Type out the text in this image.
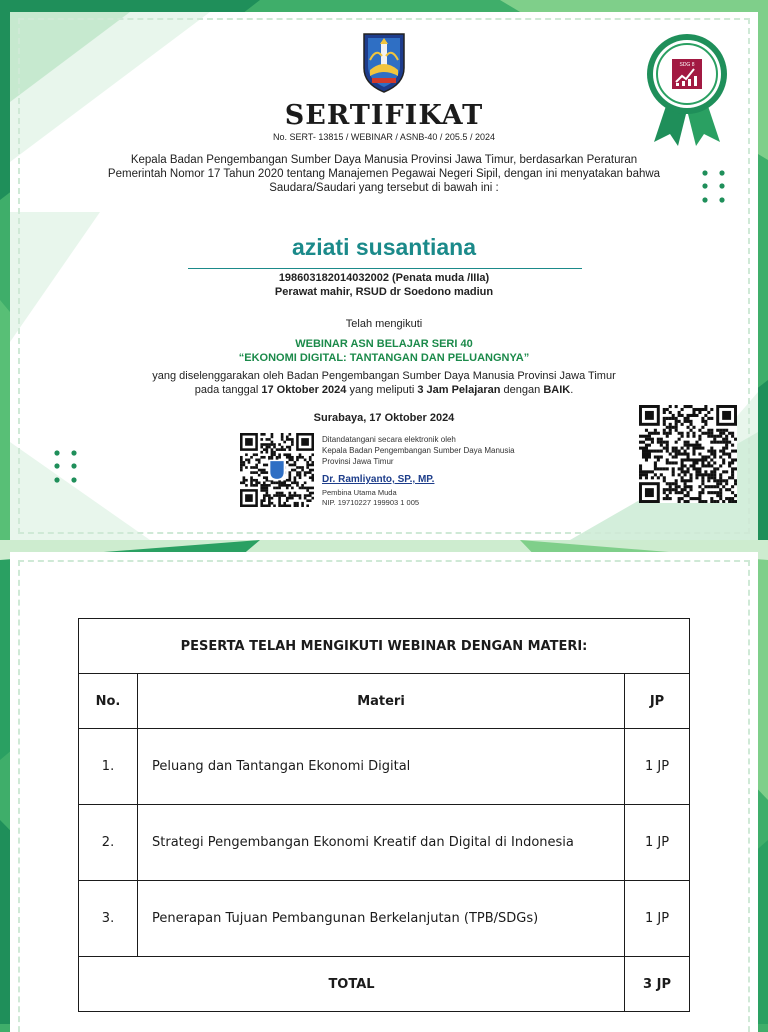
SERTIFIKAT
No. SERT- 13815 / WEBINAR / ASNB-40 / 205.5 / 2024
Kepala Badan Pengembangan Sumber Daya Manusia Provinsi Jawa Timur, berdasarkan Peraturan Pemerintah Nomor 17 Tahun 2020 tentang Manajemen Pegawai Negeri Sipil, dengan ini menyatakan bahwa Saudara/Saudari yang tersebut di bawah ini :
aziati susantiana
198603182014032002 (Penata muda /IIIa)
Perawat mahir, RSUD dr Soedono madiun
Telah mengikuti
WEBINAR ASN BELAJAR SERI 40
“EKONOMI DIGITAL: TANTANGAN DAN PELUANGNYA”
yang diselenggarakan oleh Badan Pengembangan Sumber Daya Manusia Provinsi Jawa Timur
pada tanggal 17 Oktober 2024 yang meliputi 3 Jam Pelajaran dengan BAIK.
Surabaya, 17 Oktober 2024
Ditandatangani secara elektronik oleh
Kepala Badan Pengembangan Sumber Daya Manusia
Provinsi Jawa Timur
Dr. Ramliyanto, SP., MP.
Pembina Utama Muda
NIP. 19710227 199903 1 005
SDG 8
PESERTA TELAH MENGIKUTI WEBINAR DENGAN MATERI:		
No.	Materi	JP
1.	Peluang dan Tantangan Ekonomi Digital	1 JP
2.	Strategi Pengembangan Ekonomi Kreatif dan Digital di Indonesia	1 JP
3.	Penerapan Tujuan Pembangunan Berkelanjutan (TPB/SDGs)	1 JP
TOTAL		3 JP
